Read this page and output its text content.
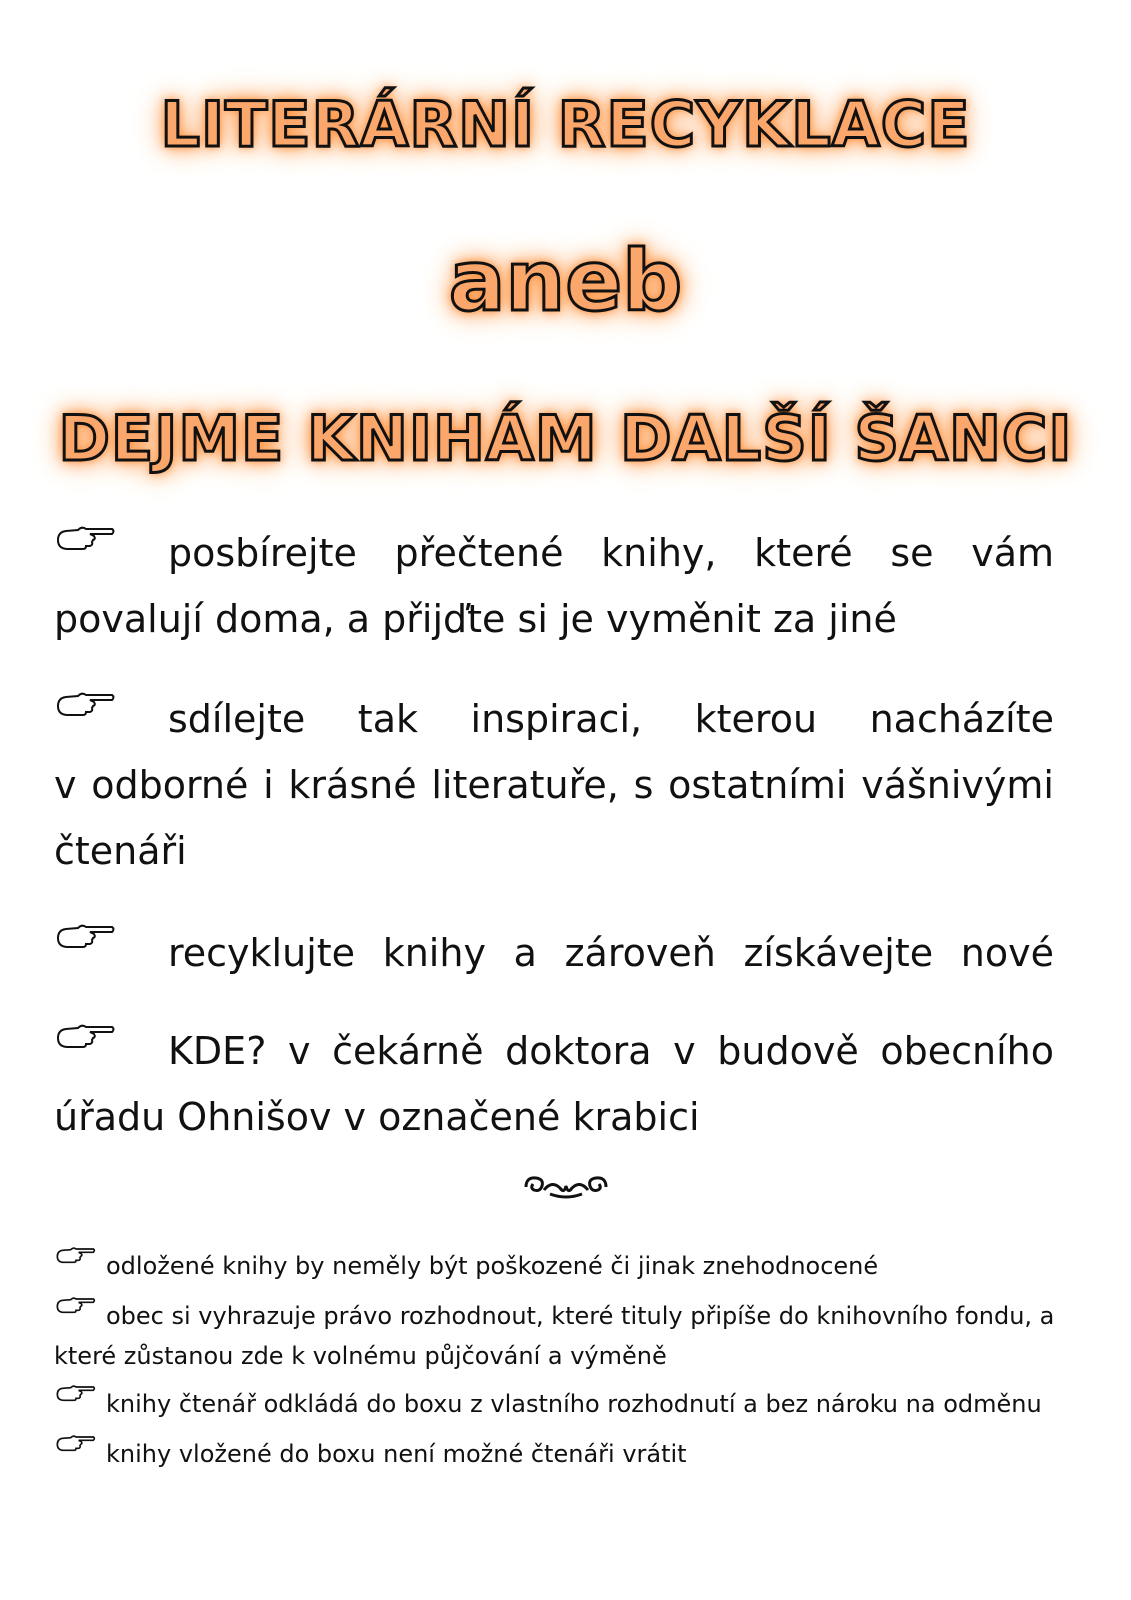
LITERÁRNÍ RECYKLACE
aneb
DEJME KNIHÁM DALŠÍ ŠANCI
posbírejte přečtené knihy, které se vám
povalují doma, a přijďte si je vyměnit za jiné
sdílejte tak inspiraci, kterou nacházíte
v odborné i krásné literatuře, s ostatními vášnivými čtenáři
recyklujte knihy a zároveň získávejte nové
KDE? v čekárně doktora v budově obecního
úřadu Ohnišov v označené krabici
odložené knihy by neměly být poškozené či jinak znehodnocené
obec si vyhrazuje právo rozhodnout, které tituly připíše do knihovního fondu, a které zůstanou zde k volnému půjčování a výměně
knihy čtenář odkládá do boxu z vlastního rozhodnutí a bez nároku na odměnu
knihy vložené do boxu není možné čtenáři vrátit
